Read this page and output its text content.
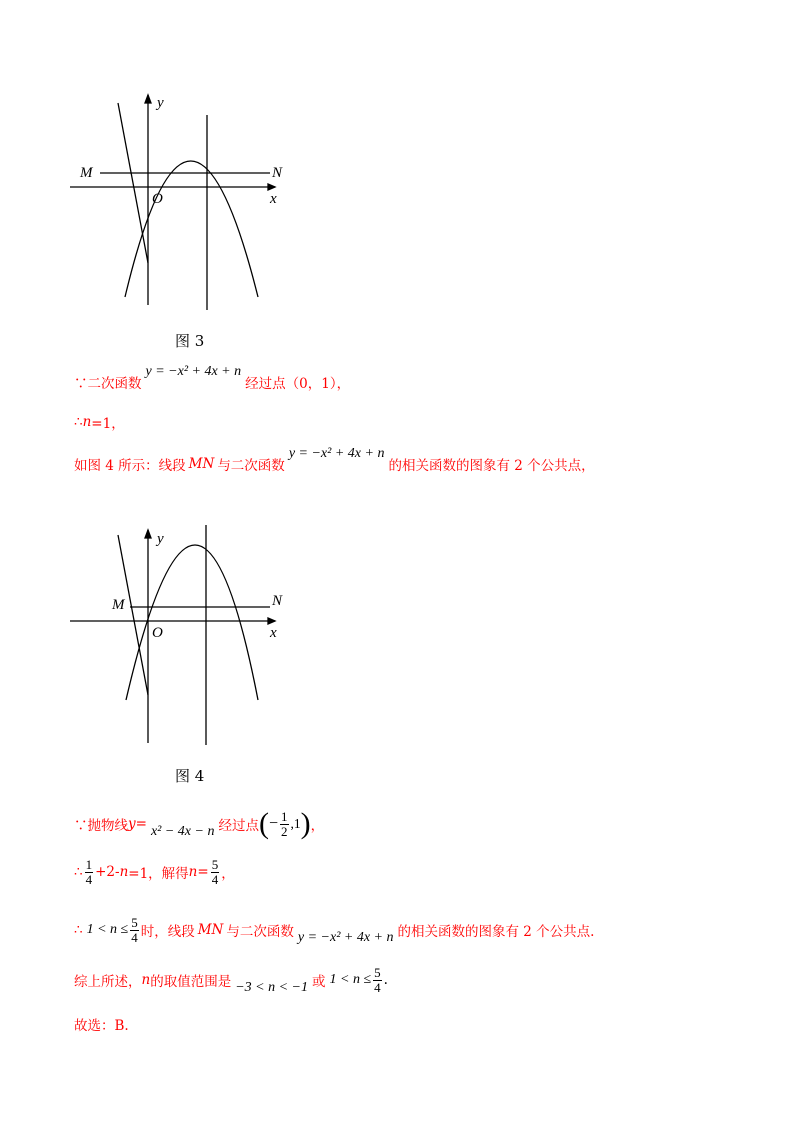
y
x
M	N
O
图 3
∵二次函数
y = −x² + 4x + n
经过点（0，1），
∴ n =1，
如图 4 所示：线段 MN 与二次函数
y = −x² + 4x + n
的相关函数的图象有 2 个公共点，
y
x
M	N
O
图 4
∵抛物线 y = x² − 4x − n 经过点 ( − $\frac{1}{2} ,1$ ) ，
∴ $\frac{1}{4} +2-$ n =1，解得 $n = \frac{5}{4}$ ，
∴ $1 < n \le \frac{5}{4}$ 时，线段 MN 与二次函数 y = −x² + 4x + n 的相关函数的图象有 2 个公共点.
综上所述， n 的取值范围是 −3 < n < −1 或 $1 < n \le \frac{5}{4}$ .
故选：B.
